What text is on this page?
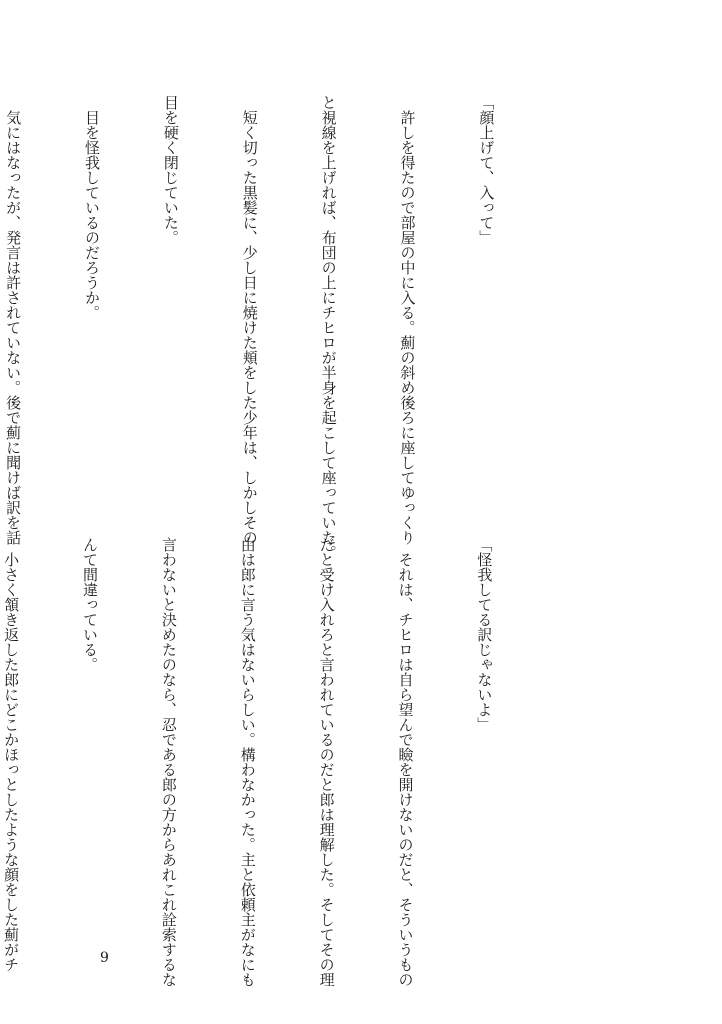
「顔上げて、入って」

　許しを得たので部屋の中に入る。薊の斜め後ろに座してゆっくり

と視線を上げれば、布団の上にチヒロが半身を起こして座っていた。

　短く切った黒髪に、少し日に焼けた頬をした少年は、しかしその

目を硬く閉じていた。

　目を怪我しているのだろうか。

　気にはなったが、発言は許されていない。後で薊に聞けば訳を話

「怪我してる訳じゃないよ」

　それは、チヒロは自ら望んで瞼を開けないのだと、そういうもの

だと受け入れろと言われているのだと郎は理解した。そしてその理

由は郎に言う気はないらしい。構わなかった。主と依頼主がなにも

言わないと決めたのなら、忍である郎の方からあれこれ詮索するな

んて間違っている。

　小さく頷き返した郎にどこかほっとしたような顔をした薊がチ

	9
